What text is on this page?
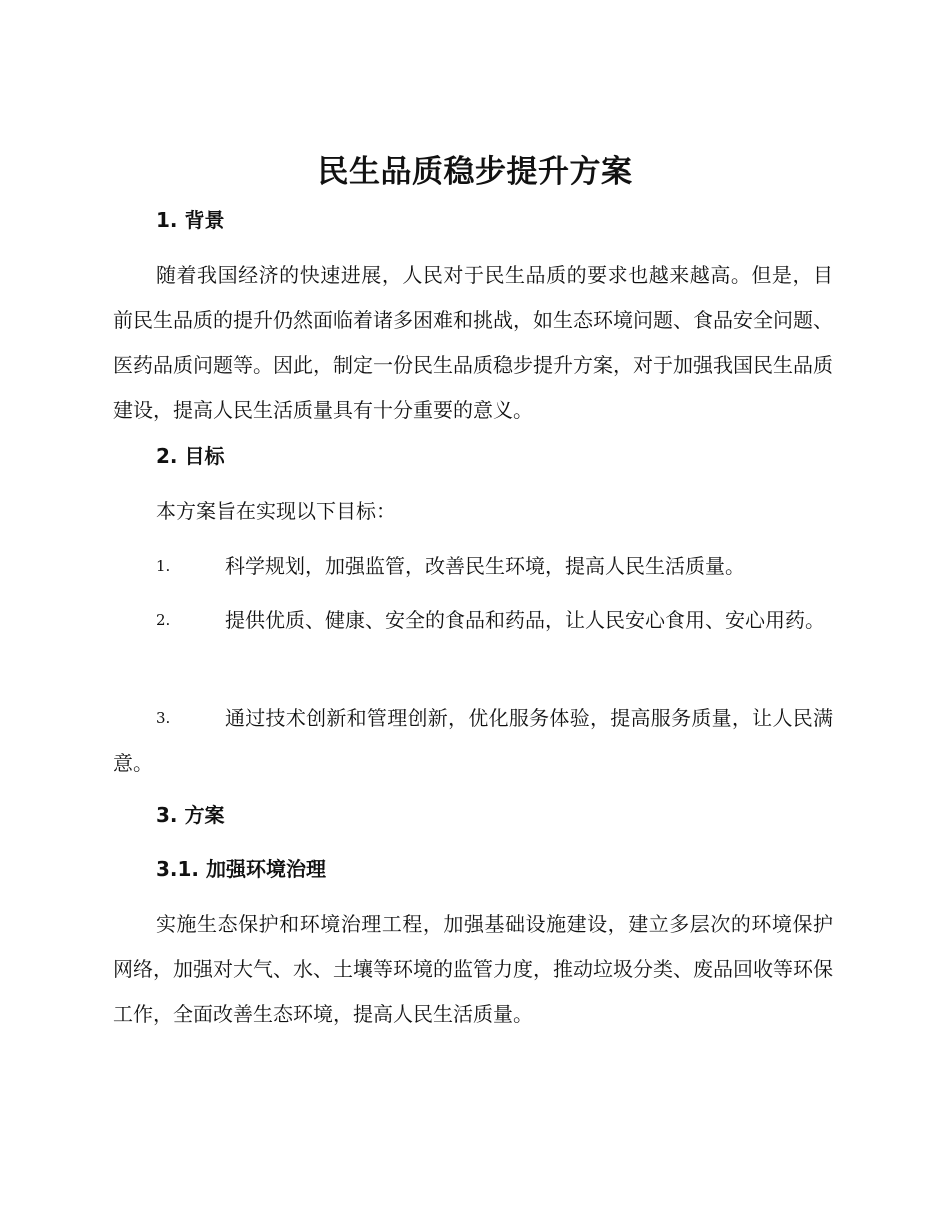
民生品质稳步提升方案
1. 背景

随着我国经济的快速进展，人民对于民生品质的要求也越来越高。但是，目前民生品质的提升仍然面临着诸多困难和挑战，如生态环境问题、食品安全问题、医药品质问题等。因此，制定一份民生品质稳步提升方案，对于加强我国民生品质建设，提高人民生活质量具有十分重要的意义。

2. 目标

本方案旨在实现以下目标：

1.	科学规划，加强监管，改善民生环境，提高人民生活质量。
2.	提供优质、健康、安全的食品和药品，让人民安心食用、安心用药。
3.	通过技术创新和管理创新，优化服务体验，提高服务质量，让人民满意。
3. 方案
3.1. 加强环境治理

实施生态保护和环境治理工程，加强基础设施建设，建立多层次的环境保护网络，加强对大气、水、土壤等环境的监管力度，推动垃圾分类、废品回收等环保工作，全面改善生态环境，提高人民生活质量。
